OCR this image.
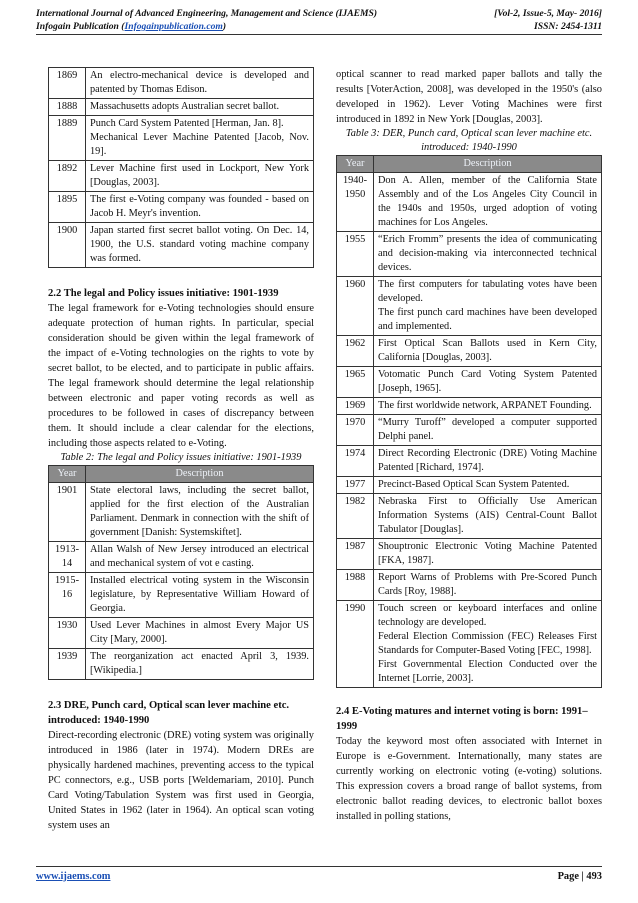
International Journal of Advanced Engineering, Management and Science (IJAEMS)	[Vol-2, Issue-5, May- 2016]
Infogain Publication (Infogainpublication.com)	ISSN: 2454-1311
1869	An electro-mechanical device is developed and patented by Thomas Edison.

1888	Massachusetts adopts Australian secret ballot.

1889	Punch Card System Patented [Herman, Jan. 8].
Mechanical Lever Machine Patented [Jacob, Nov. 19].

1892	Lever Machine first used in Lockport, New York [Douglas, 2003].

1895	The first e-Voting company was founded - based on Jacob H. Meyr's invention.

1900	Japan started first secret ballot voting. On Dec. 14, 1900, the U.S. standard voting machine company was formed.
2.2 The legal and Policy issues initiative: 1901-1939

The legal framework for e-Voting technologies should ensure adequate protection of human rights. In particular, special consideration should be given within the legal framework of the impact of e-Voting technologies on the rights to vote by secret ballot, to be elected, and to participate in public affairs. The legal framework should determine the legal relationship between electronic and paper voting records as well as procedures to be followed in cases of discrepancy between them. It should include a clear calendar for the elections, including those aspects related to e-Voting.

Table 2: The legal and Policy issues initiative: 1901-1939
Year	Description
1901	State electoral laws, including the secret ballot, applied for the first election of the Australian Parliament. Denmark in connection with the shift of government [Danish: Systemskiftet].

1913-14	Allan Walsh of New Jersey introduced an electrical and mechanical system of vot e casting.

1915-16	Installed electrical voting system in the Wisconsin legislature, by Representative William Howard of Georgia.

1930	Used Lever Machines in almost Every Major US City [Mary, 2000].

1939	The reorganization act enacted April 3, 1939. [Wikipedia.]
2.3 DRE, Punch card, Optical scan lever machine etc. introduced: 1940-1990

Direct-recording electronic (DRE) voting system was originally introduced in 1986 (later in 1974). Modern DREs are physically hardened machines, preventing access to the typical PC connectors, e.g., USB ports [Weldemariam, 2010]. Punch Card Voting/Tabulation System was first used in Georgia, United States in 1962 (later in 1964). An optical scan voting system uses an

optical scanner to read marked paper ballots and tally the results [VoterAction, 2008], was developed in the 1950's (also developed in 1962). Lever Voting Machines were first introduced in 1892 in New York [Douglas, 2003].

Table 3: DER, Punch card, Optical scan lever machine etc. introduced: 1940-1990
Year	Description
1940-1950	Don A. Allen, member of the California State Assembly and of the Los Angeles City Council in the 1940s and 1950s, urged adoption of voting machines for Los Angeles.

1955	“Erich Fromm” presents the idea of communicating and decision-making via interconnected technical devices.

1960	The first computers for tabulating votes have been developed.
The first punch card machines have been developed and implemented.

1962	First Optical Scan Ballots used in Kern City, California [Douglas, 2003].

1965	Votomatic Punch Card Voting System Patented [Joseph, 1965].

1969	The first worldwide network, ARPANET Founding.

1970	“Murry Turoff” developed a computer supported Delphi panel.

1974	Direct Recording Electronic (DRE) Voting Machine Patented [Richard, 1974].

1977	Precinct-Based Optical Scan System Patented.

1982	Nebraska First to Officially Use American Information Systems (AIS) Central-Count Ballot Tabulator [Douglas].

1987	Shouptronic Electronic Voting Machine Patented [FKA, 1987].

1988	Report Warns of Problems with Pre-Scored Punch Cards [Roy, 1988].

1990	Touch screen or keyboard interfaces and online technology are developed.
Federal Election Commission (FEC) Releases First Standards for Computer-Based Voting [FEC, 1998].
First Governmental Election Conducted over the Internet [Lorrie, 2003].
2.4 E-Voting matures and internet voting is born: 1991–1999

Today the keyword most often associated with Internet in Europe is e-Government. Internationally, many states are currently working on electronic voting (e-voting) solutions. This expression covers a broad range of ballot systems, from electronic ballot reading devices, to electronic ballot boxes installed in polling stations,

www.ijaems.com	Page | 493
